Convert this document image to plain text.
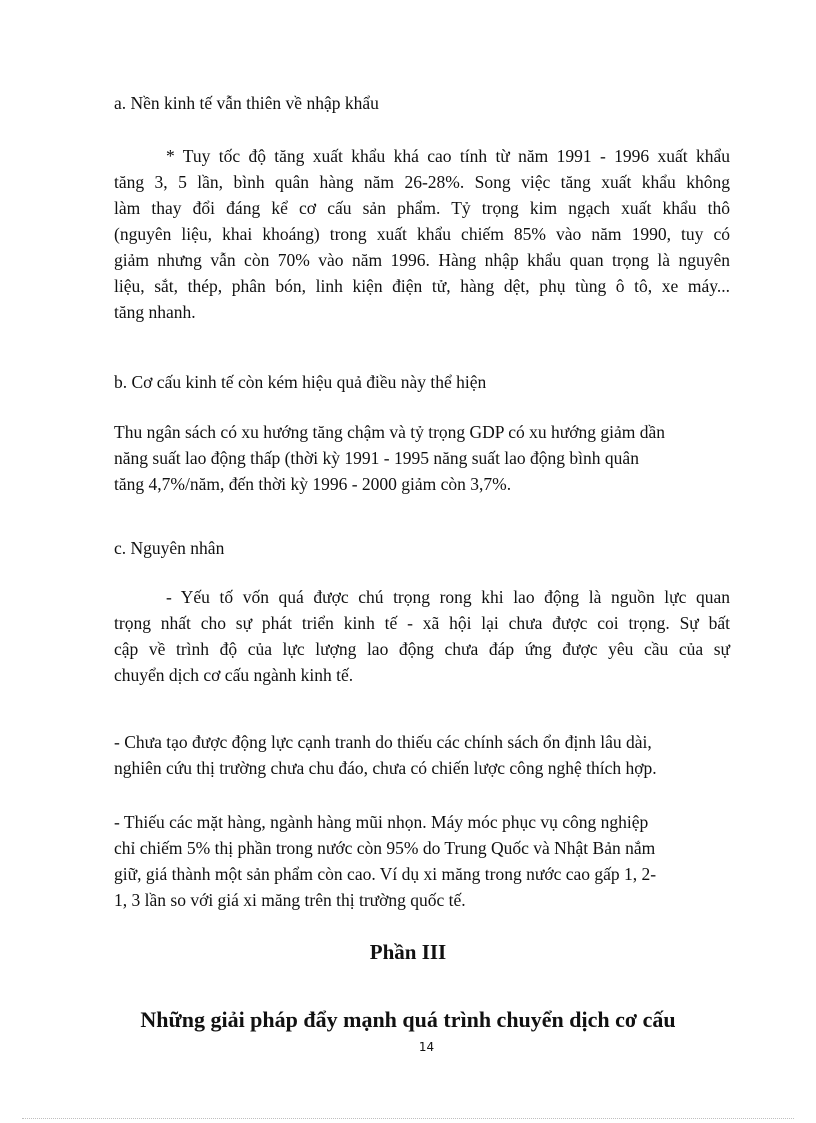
a. Nền kinh tế vẫn thiên về nhập khẩu

* Tuy tốc độ tăng xuất khẩu khá cao tính từ năm 1991 - 1996 xuất khẩu
tăng 3, 5 lần, bình quân hàng năm 26-28%. Song việc tăng xuất khẩu không
làm thay đổi đáng kể cơ cấu sản phẩm. Tỷ trọng kim ngạch xuất khẩu thô
(nguyên liệu, khai khoáng) trong xuất khẩu chiếm 85% vào năm 1990, tuy có
giảm nhưng vẫn còn 70% vào năm 1996. Hàng nhập khẩu quan trọng là nguyên
liệu, sắt, thép, phân bón, linh kiện điện tử, hàng dệt, phụ tùng ô tô, xe máy...
tăng nhanh.

b. Cơ cấu kinh tế còn kém hiệu quả điều này thể hiện

Thu ngân sách có xu hướng tăng chậm và tỷ trọng GDP có xu hướng giảm dần
năng suất lao động thấp (thời kỳ 1991 - 1995 năng suất lao động bình quân
tăng 4,7%/năm, đến thời kỳ 1996 - 2000 giảm còn 3,7%.

c. Nguyên nhân

- Yếu tố vốn quá được chú trọng rong khi lao động là nguồn lực quan
trọng nhất cho sự phát triển kinh tế - xã hội lại chưa được coi trọng. Sự bất
cập về trình độ của lực lượng lao động chưa đáp ứng được yêu cầu của sự
chuyển dịch cơ cấu ngành kinh tế.
- Chưa tạo được động lực cạnh tranh do thiếu các chính sách ổn định lâu dài,
nghiên cứu thị trường chưa chu đáo, chưa có chiến lược công nghệ thích hợp.
- Thiếu các mặt hàng, ngành hàng mũi nhọn. Máy móc phục vụ công nghiệp
chỉ chiếm 5% thị phần trong nước còn 95% do Trung Quốc và Nhật Bản nắm
giữ, giá thành một sản phẩm còn cao. Ví dụ xi măng trong nước cao gấp 1, 2-
1, 3 lần so với giá xi măng trên thị trường quốc tế.

Phần III

Những giải pháp đẩy mạnh quá trình chuyển dịch cơ cấu

14
